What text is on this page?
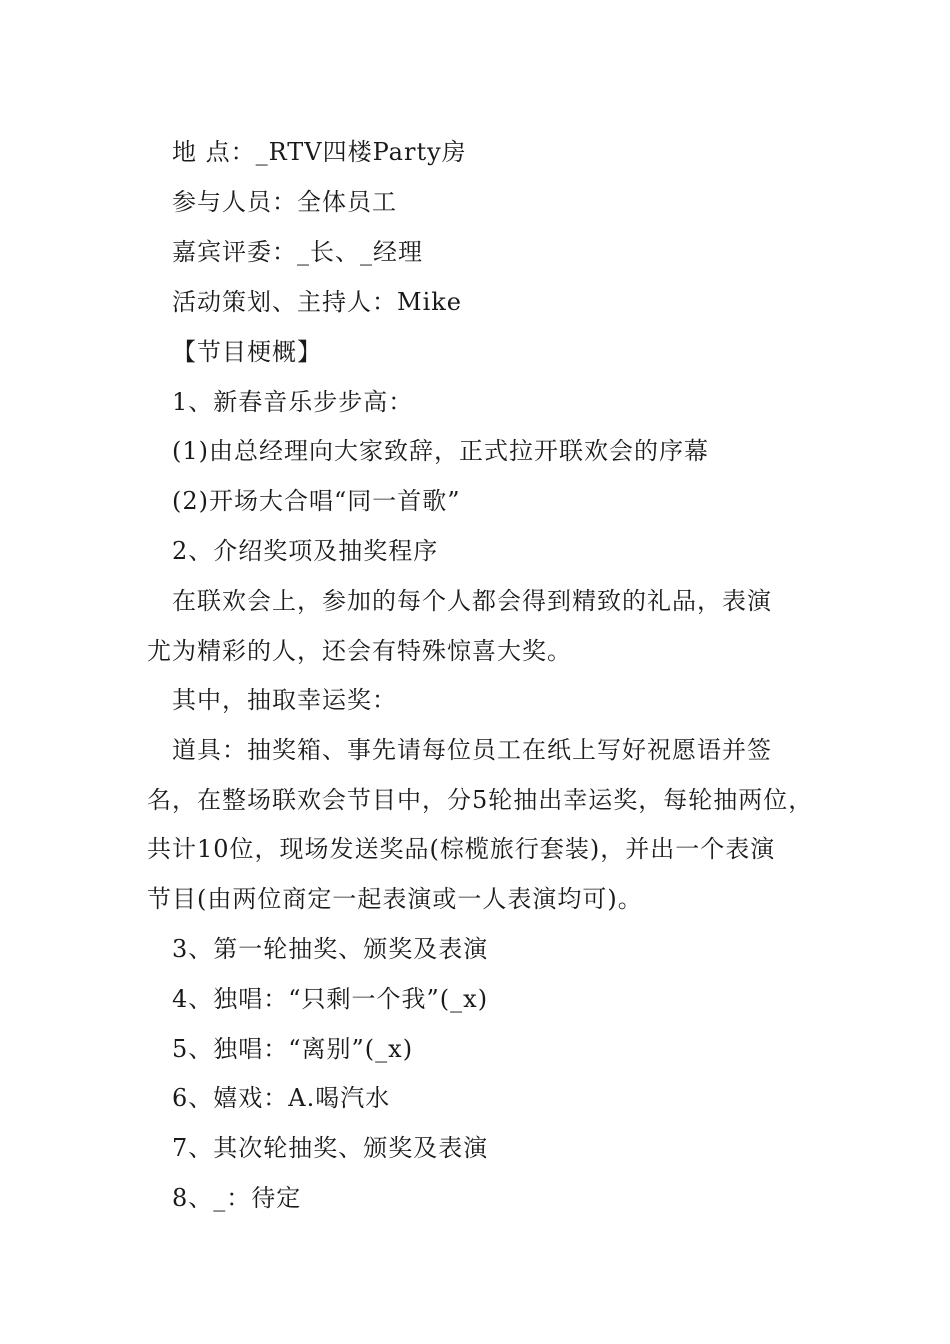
地 点：_RTV四楼Party房
参与人员：全体员工
嘉宾评委：_长、_经理
活动策划、主持人：Mike
【节目梗概】
1、新春音乐步步高：
(1)由总经理向大家致辞，正式拉开联欢会的序幕
(2)开场大合唱“同一首歌”
2、介绍奖项及抽奖程序
在联欢会上，参加的每个人都会得到精致的礼品，表演
尤为精彩的人，还会有特殊惊喜大奖。
其中，抽取幸运奖：
道具：抽奖箱、事先请每位员工在纸上写好祝愿语并签
名，在整场联欢会节目中，分5轮抽出幸运奖，每轮抽两位，
共计10位，现场发送奖品(棕榄旅行套装)，并出一个表演
节目(由两位商定一起表演或一人表演均可)。
3、第一轮抽奖、颁奖及表演
4、独唱：“只剩一个我”(_x)
5、独唱：“离别”(_x)
6、嬉戏：A.喝汽水
7、其次轮抽奖、颁奖及表演
8、_：待定
